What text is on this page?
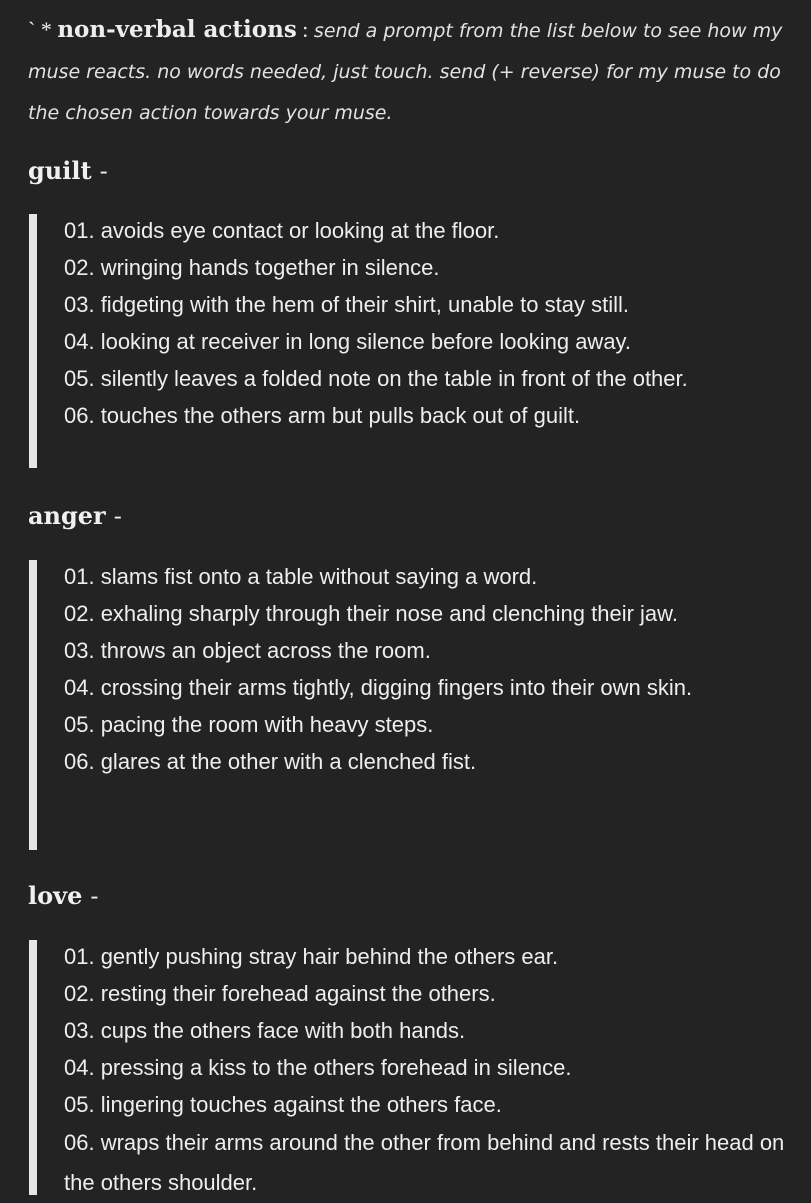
` * non-verbal actions : send a prompt from the list below to see how my muse reacts. no words needed, just touch. send (+ reverse) for my muse to do the chosen action towards your muse.
guilt -
01. avoids eye contact or looking at the floor.
02. wringing hands together in silence.
03. fidgeting with the hem of their shirt, unable to stay still.
04. looking at receiver in long silence before looking away.
05. silently leaves a folded note on the table in front of the other.
06. touches the others arm but pulls back out of guilt.
anger -
01. slams fist onto a table without saying a word.
02. exhaling sharply through their nose and clenching their jaw.
03. throws an object across the room.
04. crossing their arms tightly, digging fingers into their own skin.
05. pacing the room with heavy steps.
06. glares at the other with a clenched fist.
love -
01. gently pushing stray hair behind the others ear.
02. resting their forehead against the others.
03. cups the others face with both hands.
04. pressing a kiss to the others forehead in silence.
05. lingering touches against the others face.
06. wraps their arms around the other from behind and rests their head on the others shoulder.
